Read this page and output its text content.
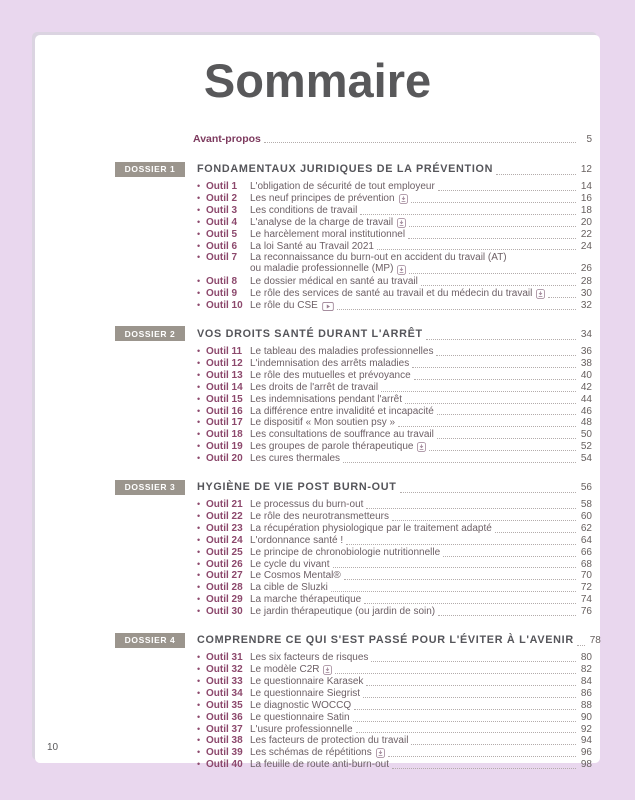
Sommaire
Avant-propos	5
DOSSIER 1	FONDAMENTAUX JURIDIQUES DE LA PRÉVENTION	12
• Outil 1	L'obligation de sécurité de tout employeur	14
• Outil 2	Les neuf principes de prévention	16
• Outil 3	Les conditions de travail	18
• Outil 4	L'analyse de la charge de travail	20
• Outil 5	Le harcèlement moral institutionnel	22
• Outil 6	La loi Santé au Travail 2021	24
• Outil 7	La reconnaissance du burn-out en accident du travail (AT)
ou maladie professionnelle (MP)	26
• Outil 8	Le dossier médical en santé au travail	28
• Outil 9	Le rôle des services de santé au travail et du médecin du travail	30
• Outil 10 Le rôle du CSE	32
DOSSIER 2	VOS DROITS SANTÉ DURANT L'ARRÊT	34
• Outil 11 Le tableau des maladies professionnelles	36
• Outil 12 L'indemnisation des arrêts maladies	38
• Outil 13 Le rôle des mutuelles et prévoyance	40
• Outil 14 Les droits de l'arrêt de travail	42
• Outil 15 Les indemnisations pendant l'arrêt	44
• Outil 16 La différence entre invalidité et incapacité	46
• Outil 17 Le dispositif « Mon soutien psy »	48
• Outil 18 Les consultations de souffrance au travail	50
• Outil 19 Les groupes de parole thérapeutique	52
• Outil 20 Les cures thermales	54
DOSSIER 3	HYGIÈNE DE VIE POST BURN-OUT	56
• Outil 21 Le processus du burn-out	58
• Outil 22 Le rôle des neurotransmetteurs	60
• Outil 23 La récupération physiologique par le traitement adapté	62
• Outil 24 L'ordonnance santé !	64
• Outil 25 Le principe de chronobiologie nutritionnelle	66
• Outil 26 Le cycle du vivant	68
• Outil 27 Le Cosmos Mental®	70
• Outil 28 La cible de Sluzki	72
• Outil 29 La marche thérapeutique	74
• Outil 30 Le jardin thérapeutique (ou jardin de soin)	76
DOSSIER 4	COMPRENDRE CE QUI S'EST PASSÉ POUR L'ÉVITER À L'AVENIR 78
• Outil 31 Les six facteurs de risques	80
• Outil 32 Le modèle C2R	82
• Outil 33 Le questionnaire Karasek	84
• Outil 34 Le questionnaire Siegrist	86
• Outil 35 Le diagnostic WOCCQ	88
• Outil 36 Le questionnaire Satin	90
• Outil 37 L'usure professionnelle	92
• Outil 38 Les facteurs de protection du travail	94
• Outil 39 Les schémas de répétitions	96
• Outil 40 La feuille de route anti-burn-out	98
10
